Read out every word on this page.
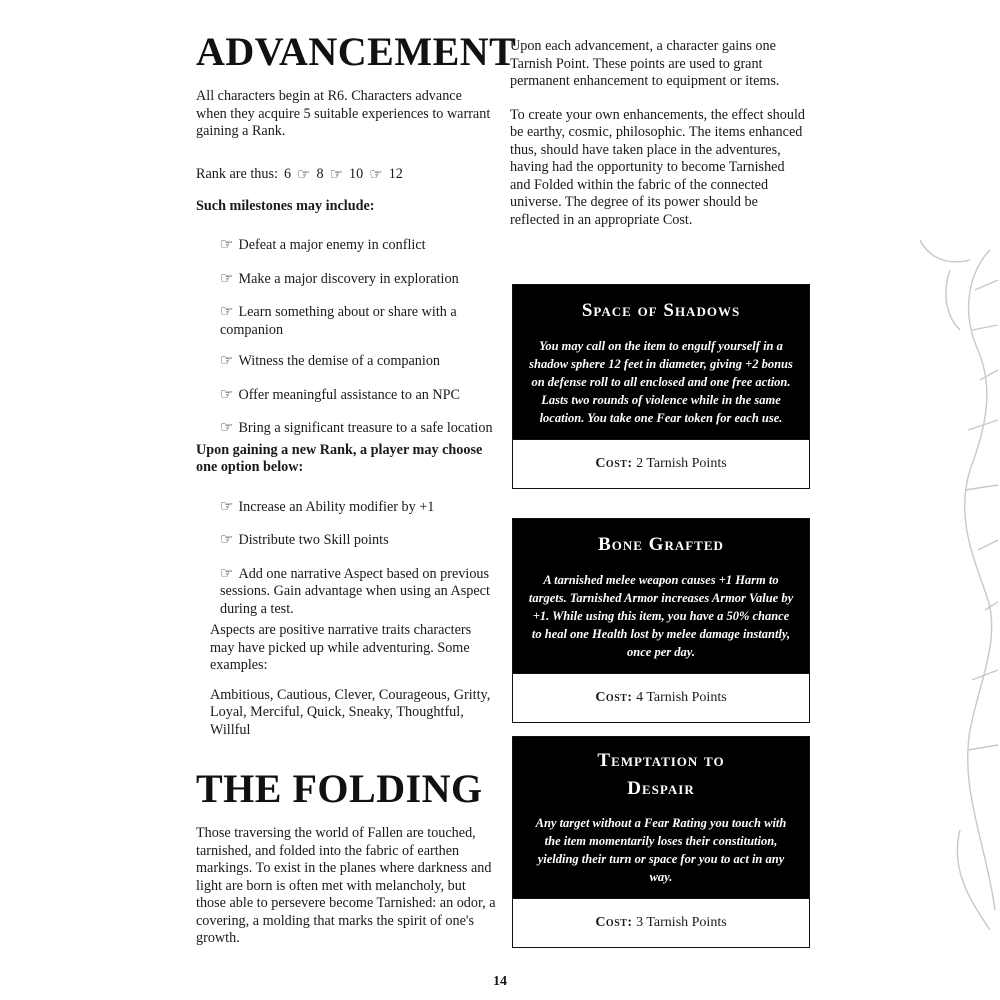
ADVANCEMENT

All characters begin at R6. Characters advance when they acquire 5 suitable experiences to warrant gaining a Rank.

Rank are thus: 6 ☞ 8 ☞ 10 ☞ 12

Such milestones may include:

☞ Defeat a major enemy in conflict

☞ Make a major discovery in exploration

☞ Learn something about or share with a companion

☞ Witness the demise of a companion

☞ Offer meaningful assistance to an NPC

☞ Bring a significant treasure to a safe location

Upon gaining a new Rank, a player may choose one option below:

☞ Increase an Ability modifier by +1

☞ Distribute two Skill points

☞ Add one narrative Aspect based on previous sessions. Gain advantage when using an Aspect during a test.

Aspects are positive narrative traits characters may have picked up while adventuring. Some examples:

Ambitious, Cautious, Clever, Courageous, Gritty, Loyal, Merciful, Quick, Sneaky, Thoughtful, Willful

THE FOLDING

Those traversing the world of Fallen are touched, tarnished, and folded into the fabric of earthen markings. To exist in the planes where darkness and light are born is often met with melancholy, but those able to persevere become Tarnished: an odor, a covering, a molding that marks the spirit of one's growth.

Upon each advancement, a character gains one Tarnish Point. These points are used to grant permanent enhancement to equipment or items.

To create your own enhancements, the effect should be earthy, cosmic, philosophic. The items enhanced thus, should have taken place in the adventures, having had the opportunity to become Tarnished and Folded within the fabric of the connected universe. The degree of its power should be reflected in an appropriate Cost.

Space of Shadows

You may call on the item to engulf yourself in a shadow sphere 12 feet in diameter, giving +2 bonus on defense roll to all enclosed and one free action. Lasts two rounds of violence while in the same location. You take one Fear token for each use.

Cost: 2 Tarnish Points
Bone Grafted

A tarnished melee weapon causes +1 Harm to targets. Tarnished Armor increases Armor Value by +1. While using this item, you have a 50% chance to heal one Health lost by melee damage instantly, once per day.

Cost: 4 Tarnish Points
Temptation to Despair

Any target without a Fear Rating you touch with the item momentarily loses their constitution, yielding their turn or space for you to act in any way.

Cost: 3 Tarnish Points
14
